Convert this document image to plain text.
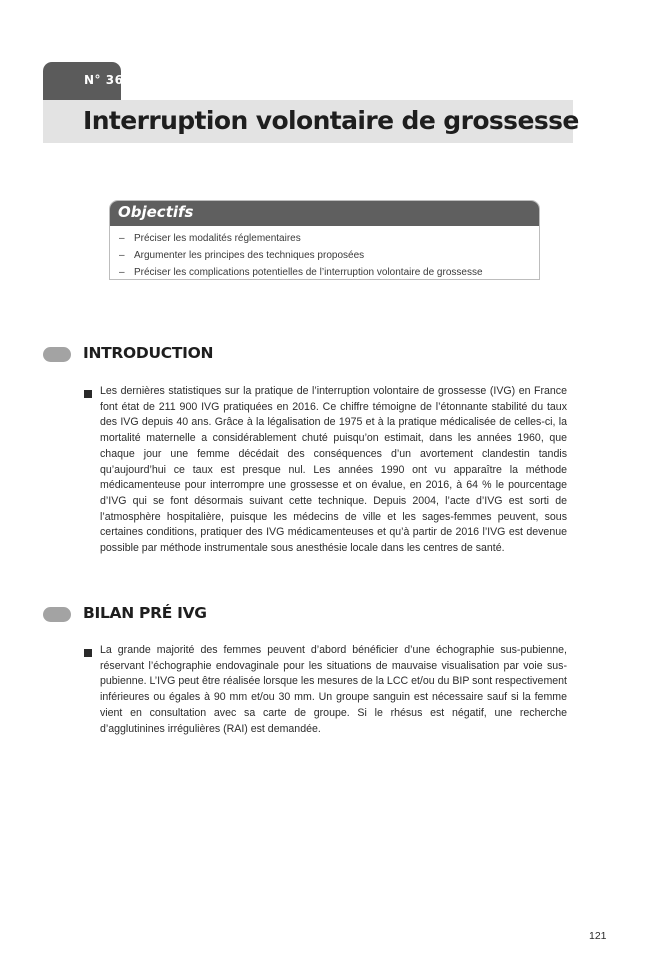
N° 36
Interruption volontaire de grossesse
Objectifs
– Préciser les modalités réglementaires
– Argumenter les principes des techniques proposées
– Préciser les complications potentielles de l’interruption volontaire de grossesse
INTRODUCTION

Les dernières statistiques sur la pratique de l’interruption volontaire de grossesse (IVG) en France font état de 211 900 IVG pratiquées en 2016. Ce chiffre témoigne de l’étonnante stabilité du taux des IVG depuis 40 ans. Grâce à la légalisation de 1975 et à la pratique médicalisée de celles-ci, la mortalité maternelle a considérablement chuté puisqu’on estimait, dans les années 1960, que chaque jour une femme décédait des conséquences d’un avortement clandestin tandis qu’aujourd’hui ce taux est presque nul. Les années 1990 ont vu apparaître la méthode médicamenteuse pour interrompre une grossesse et on évalue, en 2016, à 64 % le pourcentage d’IVG qui se font désormais suivant cette technique. Depuis 2004, l’acte d’IVG est sorti de l’atmosphère hospitalière, puisque les médecins de ville et les sages-femmes peuvent, sous certaines conditions, pratiquer des IVG médicamenteuses et qu’à partir de 2016 l’IVG est devenue possible par méthode instrumentale sous anesthésie locale dans les centres de santé.

BILAN PRÉ IVG

La grande majorité des femmes peuvent d’abord bénéficier d’une échographie sus-pubienne, réservant l’échographie endovaginale pour les situations de mauvaise visualisation par voie sus-pubienne. L’IVG peut être réalisée lorsque les mesures de la LCC et/ou du BIP sont respectivement inférieures ou égales à 90 mm et/ou 30 mm. Un groupe sanguin est nécessaire sauf si la femme vient en consultation avec sa carte de groupe. Si le rhésus est négatif, une recherche d’agglutinines irrégulières (RAI) est demandée.

121
